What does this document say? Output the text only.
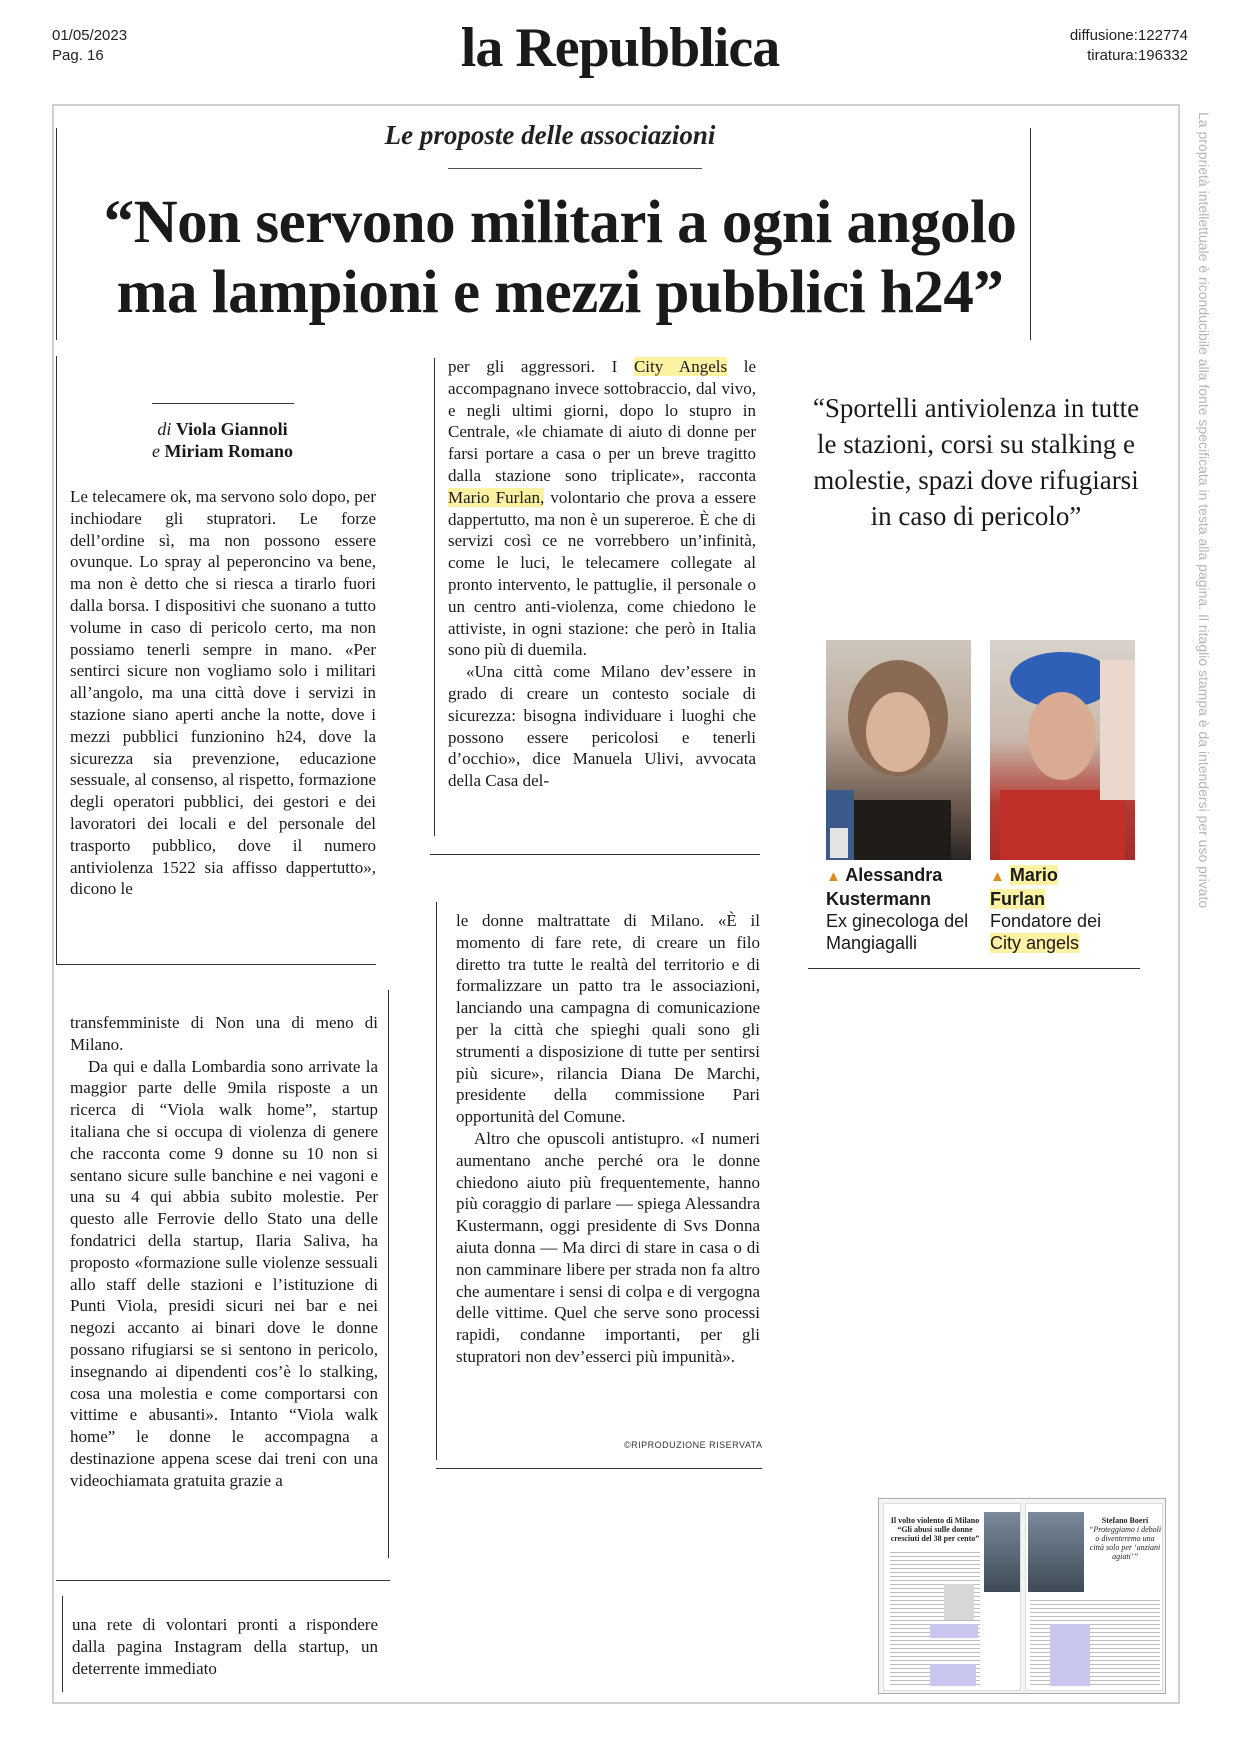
01/05/2023
Pag. 16	la Repubblica	diffusione:122774
tiratura:196332
Le proposte delle associazioni
“Non servono militari a ogni angolo
ma lampioni e mezzi pubblici h24”
di Viola Giannoli
e Miriam Romano

Le telecamere ok, ma servono solo dopo, per inchiodare gli stupratori. Le forze dell’ordine sì, ma non possono essere ovunque. Lo spray al peperoncino va bene, ma non è detto che si riesca a tirarlo fuori dalla borsa. I dispositivi che suonano a tutto volume in caso di pericolo certo, ma non possiamo tenerli sempre in mano. «Per sentirci sicure non vogliamo solo i militari all’angolo, ma una città dove i servizi in stazione siano aperti anche la notte, dove i mezzi pubblici funzionino h24, dove la sicurezza sia prevenzione, educazione sessuale, al consenso, al rispetto, formazione degli operatori pubblici, dei gestori e dei lavoratori dei locali e del personale del trasporto pubblico, dove il numero antiviolenza 1522 sia affisso dappertutto», dicono le

transfemministe di Non una di meno di Milano.

Da qui e dalla Lombardia sono arrivate la maggior parte delle 9mila risposte a un ricerca di “Viola walk home”, startup italiana che si occupa di violenza di genere che racconta come 9 donne su 10 non si sentano sicure sulle banchine e nei vagoni e una su 4 qui abbia subito molestie. Per questo alle Ferrovie dello Stato una delle fondatrici della startup, Ilaria Saliva, ha proposto «formazione sulle violenze sessuali allo staff delle stazioni e l’istituzione di Punti Viola, presidi sicuri nei bar e nei negozi accanto ai binari dove le donne possano rifugiarsi se si sentono in pericolo, insegnando ai dipendenti cos’è lo stalking, cosa una molestia e come comportarsi con vittime e abusanti». Intanto “Viola walk home” le donne le accompagna a destinazione appena scese dai treni con una videochiamata gratuita grazie a

una rete di volontari pronti a rispondere dalla pagina Instagram della startup, un deterrente immediato

per gli aggressori. I City Angels le accompagnano invece sottobraccio, dal vivo, e negli ultimi giorni, dopo lo stupro in Centrale, «le chiamate di aiuto di donne per farsi portare a casa o per un breve tragitto dalla stazione sono triplicate», racconta Mario Furlan, volontario che prova a essere dappertutto, ma non è un supereroe. È che di servizi così ce ne vorrebbero un’infinità, come le luci, le telecamere collegate al pronto intervento, le pattuglie, il personale o un centro anti-violenza, come chiedono le attiviste, in ogni stazione: che però in Italia sono più di duemila.

«Una città come Milano dev’essere in grado di creare un contesto sociale di sicurezza: bisogna individuare i luoghi che possono essere pericolosi e tenerli d’occhio», dice Manuela Ulivi, avvocata della Casa del-

le donne maltrattate di Milano. «È il momento di fare rete, di creare un filo diretto tra tutte le realtà del territorio e di formalizzare un patto tra le associazioni, lanciando una campagna di comunicazione per la città che spieghi quali sono gli strumenti a disposizione di tutte per sentirsi più sicure», rilancia Diana De Marchi, presidente della commissione Pari opportunità del Comune.

Altro che opuscoli antistupro. «I numeri aumentano anche perché ora le donne chiedono aiuto più frequentemente, hanno più coraggio di parlare — spiega Alessandra Kustermann, oggi presidente di Svs Donna aiuta donna — Ma dirci di stare in casa o di non camminare libere per strada non fa altro che aumentare i sensi di colpa e di vergogna delle vittime. Quel che serve sono processi rapidi, condanne importanti, per gli stupratori non dev’esserci più impunità».

©RIPRODUZIONE RISERVATA
“Sportelli antiviolenza in tutte le stazioni, corsi su stalking e molestie, spazi dove rifugiarsi in caso di pericolo”
▲ Alessandra
Kustermann
Ex ginecologa del Mangiagalli
▲ Mario
Furlan
Fondatore dei
City angels
La proprietà intellettuale è riconducibile alla fonte specificata in testa alla pagina. Il ritaglio stampa è da intendersi per uso privato
Il volto violento di Milano “Gli abusi sulle donne cresciuti del 38 per cento”
Stefano Boeri
“Proteggiamo i deboli o diventeremo una città solo per ‘anziani agiati’”
